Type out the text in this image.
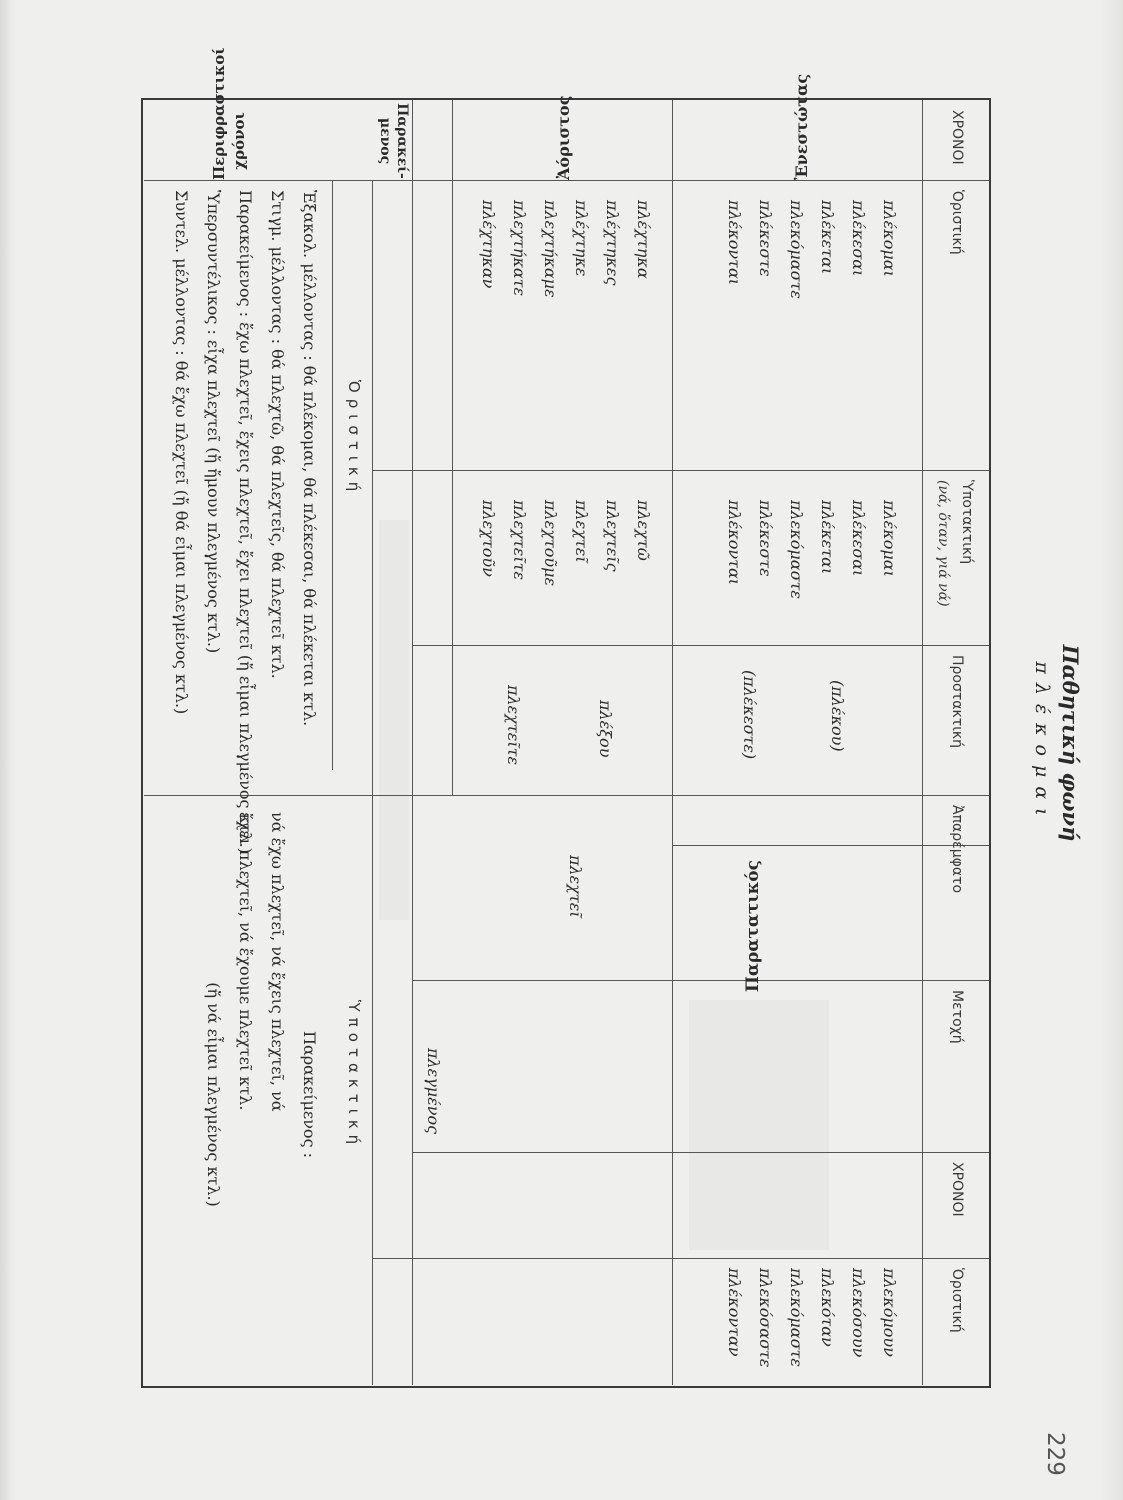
Παθητική φωνή
πλέκομαι
ΧΡΟΝΟΙ
Ὁριστική
Ὑποτακτική
(νά, ὅταν, γιά νά)
Προστακτική
Ἀπαρέμφατο
Μετοχή
ΧΡΟΝΟΙ
Ὁριστική
Ἐνεστώτας
Ἀόριστος
Παρακεί-μενος
Περιφραστικοί χρόνοι
Παρατατικός
πλέκομαι
πλέκεσαι
πλέκεται
πλεκόμαστε
πλέκεστε
πλέκονται
πλέκομαι
πλέκεσαι
πλέκεται
πλεκόμαστε
πλέκεστε
πλέκονται
(πλέκου)
(πλέκεστε)
πλεκόμουν
πλεκόσουν
πλεκόταν
πλεκόμαστε
πλεκόσαστε
πλέκονταν
πλέχτηκα
πλέχτηκες
πλέχτηκε
πλεχτήκαμε
πλεχτήκατε
πλέχτηκαν
πλεχτῶ
πλεχτεῖς
πλεχτεῖ
πλεχτοῦμε
πλεχτεῖτε
πλεχτοῦν
πλέξου
πλεχτεῖτε
πλεχτεῖ
πλεγμένος
Ὁριστική
Ὑποτακτική
Ἐξακολ. μέλλοντας : θά πλέκομαι, θά πλέκεσαι, θά πλέκεται κτλ.
Στιγμ. μέλλοντας : θά πλεχτῶ, θά πλεχτεῖς, θά πλεχτεῖ κτλ.
Παρακείμενος : ἔχω πλεχτεῖ, ἔχεις πλεχτεῖ, ἔχει πλεχτεῖ (ἤ εἶμαι πλεγμένος κτλ.)
Ὑπερσυντέλικος : εἶχα πλεχτεῖ (ἤ ἤμουν πλεγμένος κτλ.)
Συντελ. μέλλοντας : θά ἔχω πλεχτεῖ (ἤ θά εἶμαι πλεγμένος κτλ.)
Παρακείμενος :
νά ἔχω πλεχτεῖ, νά ἔχεις πλεχτεῖ, νά
ἔχει πλεχτεῖ, νά ἔχουμε πλεχτεῖ κτλ.
(ἤ νά εἶμαι πλεγμένος κτλ.)
229
